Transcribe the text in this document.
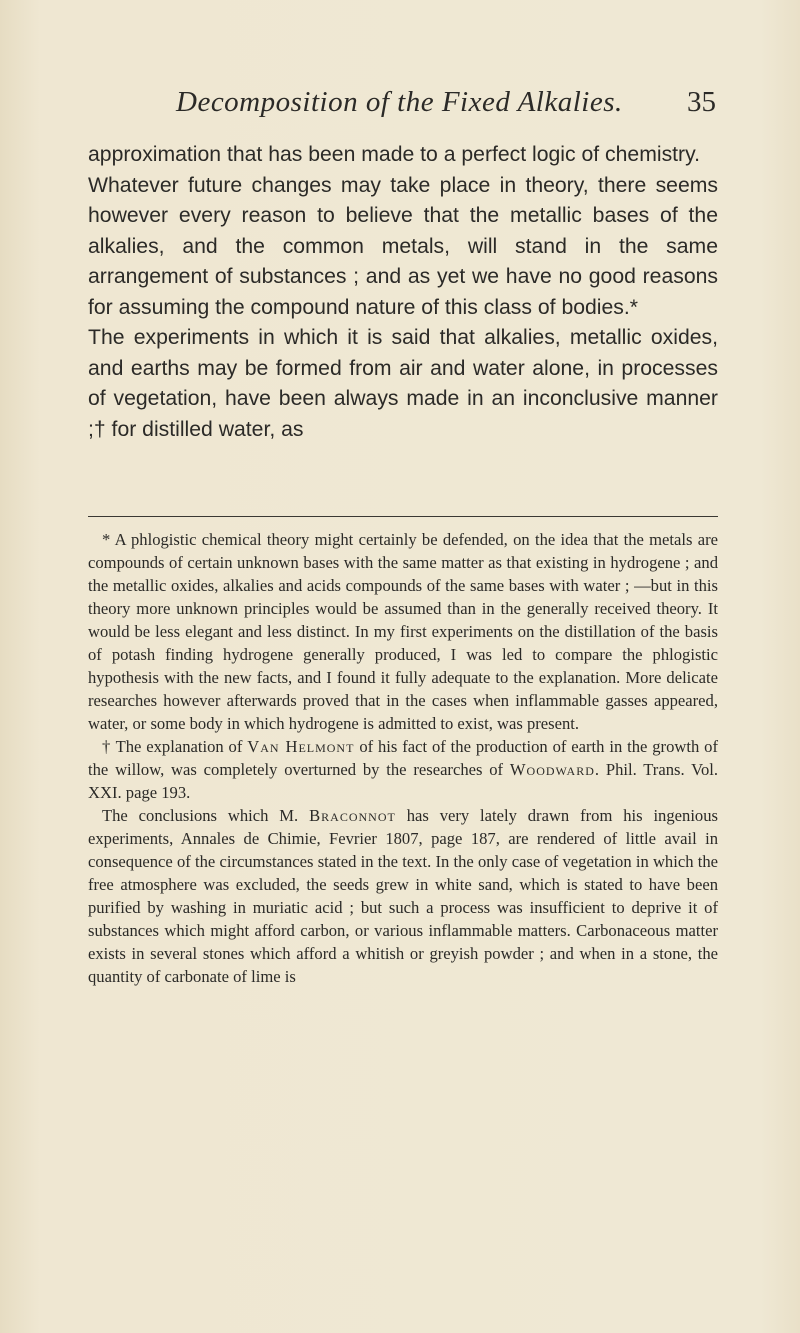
Decomposition of the Fixed Alkalies. 35

approximation that has been made to a perfect logic of chemistry.

Whatever future changes may take place in theory, there seems however every reason to believe that the metallic bases of the alkalies, and the common metals, will stand in the same arrangement of substances ; and as yet we have no good reasons for assuming the compound nature of this class of bodies.*

The experiments in which it is said that alkalies, metallic oxides, and earths may be formed from air and water alone, in processes of vegetation, have been always made in an inconclusive manner ;† for distilled water, as

* A phlogistic chemical theory might certainly be defended, on the idea that the metals are compounds of certain unknown bases with the same matter as that existing in hydrogene ; and the metallic oxides, alkalies and acids compounds of the same bases with water ; —but in this theory more unknown principles would be assumed than in the generally received theory. It would be less elegant and less distinct. In my first experiments on the distillation of the basis of potash finding hydrogene generally produced, I was led to compare the phlogistic hypothesis with the new facts, and I found it fully adequate to the explanation. More delicate researches however afterwards proved that in the cases when inflammable gasses appeared, water, or some body in which hydrogene is admitted to exist, was present.

† The explanation of Van Helmont of his fact of the production of earth in the growth of the willow, was completely overturned by the researches of Woodward. Phil. Trans. Vol. XXI. page 193.

The conclusions which M. Braconnot has very lately drawn from his ingenious experiments, Annales de Chimie, Fevrier 1807, page 187, are rendered of little avail in consequence of the circumstances stated in the text. In the only case of vegetation in which the free atmosphere was excluded, the seeds grew in white sand, which is stated to have been purified by washing in muriatic acid ; but such a process was insufficient to deprive it of substances which might afford carbon, or various inflammable matters. Carbonaceous matter exists in several stones which afford a whitish or greyish powder ; and when in a stone, the quantity of carbonate of lime is
